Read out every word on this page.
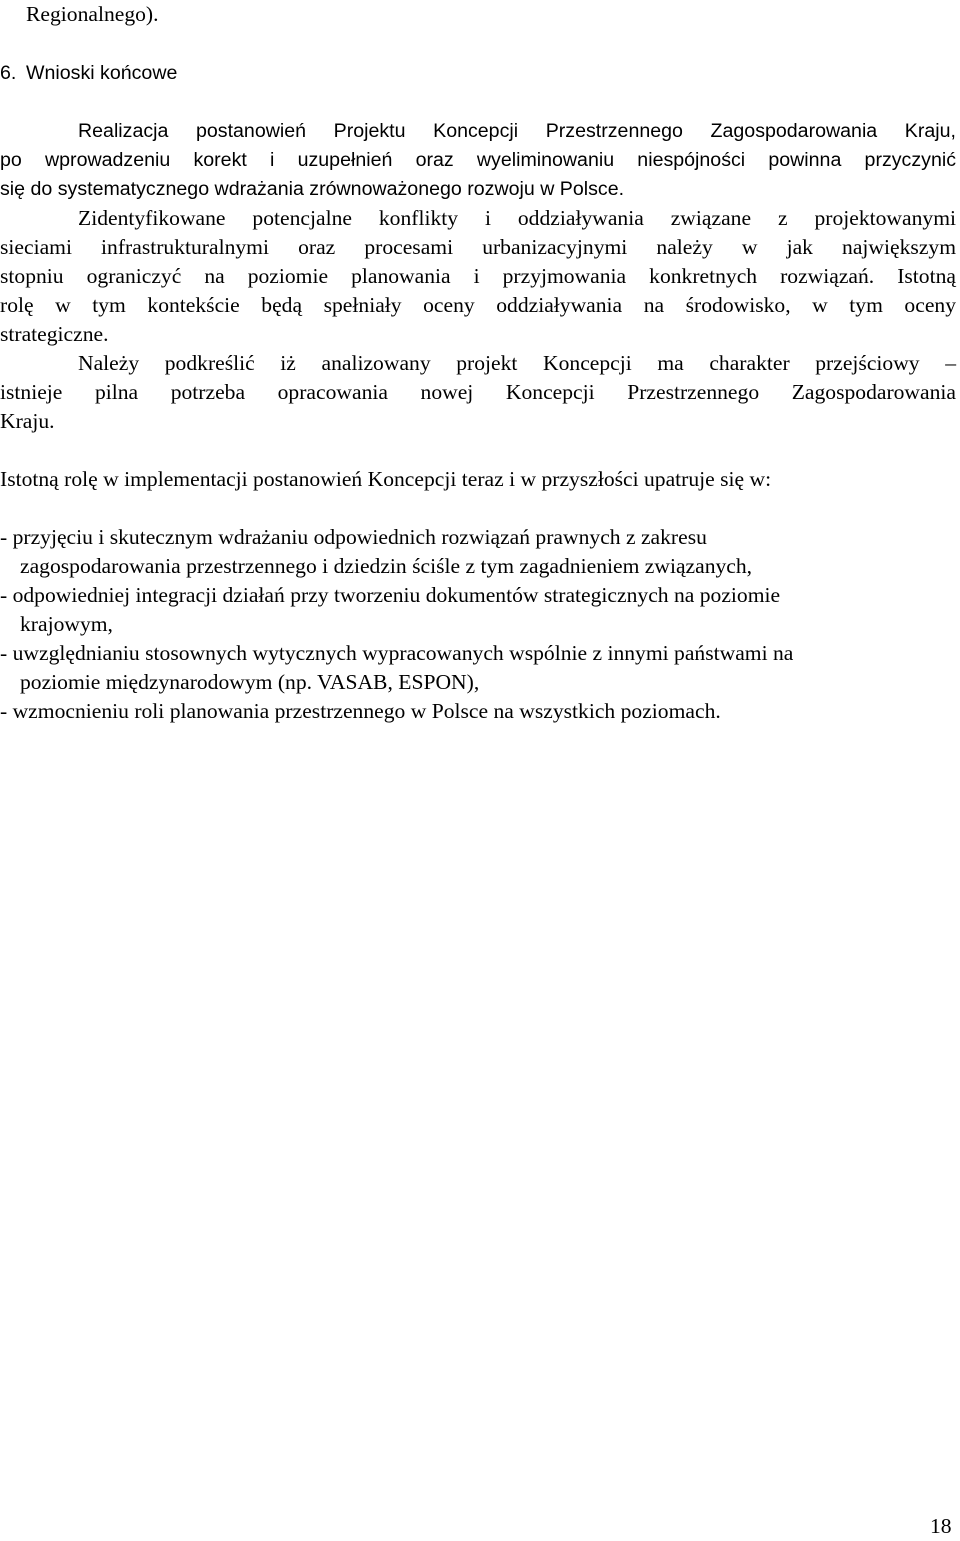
Regionalnego).
6. Wnioski końcowe
Realizacja postanowień Projektu Koncepcji Przestrzennego Zagospodarowania Kraju,
po wprowadzeniu korekt i uzupełnień oraz wyeliminowaniu niespójności powinna przyczynić
się do systematycznego wdrażania zrównoważonego rozwoju w Polsce.
Zidentyfikowane potencjalne konflikty i oddziaływania związane z projektowanymi
sieciami infrastrukturalnymi oraz procesami urbanizacyjnymi należy w jak największym
stopniu ograniczyć na poziomie planowania i przyjmowania konkretnych rozwiązań. Istotną
rolę w tym kontekście będą spełniały oceny oddziaływania na środowisko, w tym oceny
strategiczne.
Należy podkreślić iż analizowany projekt Koncepcji ma charakter przejściowy –
istnieje pilna potrzeba opracowania nowej Koncepcji Przestrzennego Zagospodarowania
Kraju.
Istotną rolę w implementacji postanowień Koncepcji teraz i w przyszłości upatruje się w:
- przyjęciu i skutecznym wdrażaniu odpowiednich rozwiązań prawnych z zakresu
zagospodarowania przestrzennego i dziedzin ściśle z tym zagadnieniem związanych,
- odpowiedniej integracji działań przy tworzeniu dokumentów strategicznych na poziomie
krajowym,
- uwzględnianiu stosownych wytycznych wypracowanych wspólnie z innymi państwami na
poziomie międzynarodowym (np. VASAB, ESPON),
- wzmocnieniu roli planowania przestrzennego w Polsce na wszystkich poziomach.
18
